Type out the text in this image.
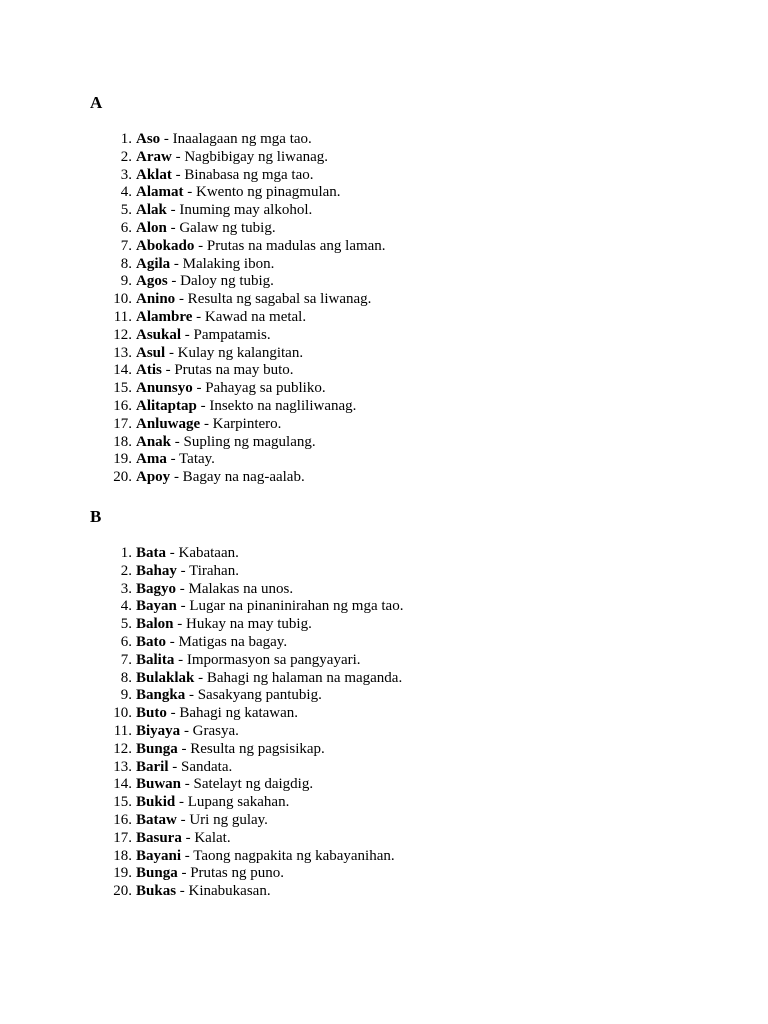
A
1. Aso - Inaalagaan ng mga tao.
2. Araw - Nagbibigay ng liwanag.
3. Aklat - Binabasa ng mga tao.
4. Alamat - Kwento ng pinagmulan.
5. Alak - Inuming may alkohol.
6. Alon - Galaw ng tubig.
7. Abokado - Prutas na madulas ang laman.
8. Agila - Malaking ibon.
9. Agos - Daloy ng tubig.
10. Anino - Resulta ng sagabal sa liwanag.
11. Alambre - Kawad na metal.
12. Asukal - Pampatamis.
13. Asul - Kulay ng kalangitan.
14. Atis - Prutas na may buto.
15. Anunsyo - Pahayag sa publiko.
16. Alitaptap - Insekto na nagliliwanag.
17. Anluwage - Karpintero.
18. Anak - Supling ng magulang.
19. Ama - Tatay.
20. Apoy - Bagay na nag-aalab.
B
1. Bata - Kabataan.
2. Bahay - Tirahan.
3. Bagyo - Malakas na unos.
4. Bayan - Lugar na pinaninirahan ng mga tao.
5. Balon - Hukay na may tubig.
6. Bato - Matigas na bagay.
7. Balita - Impormasyon sa pangyayari.
8. Bulaklak - Bahagi ng halaman na maganda.
9. Bangka - Sasakyang pantubig.
10. Buto - Bahagi ng katawan.
11. Biyaya - Grasya.
12. Bunga - Resulta ng pagsisikap.
13. Baril - Sandata.
14. Buwan - Satelayt ng daigdig.
15. Bukid - Lupang sakahan.
16. Bataw - Uri ng gulay.
17. Basura - Kalat.
18. Bayani - Taong nagpakita ng kabayanihan.
19. Bunga - Prutas ng puno.
20. Bukas - Kinabukasan.
